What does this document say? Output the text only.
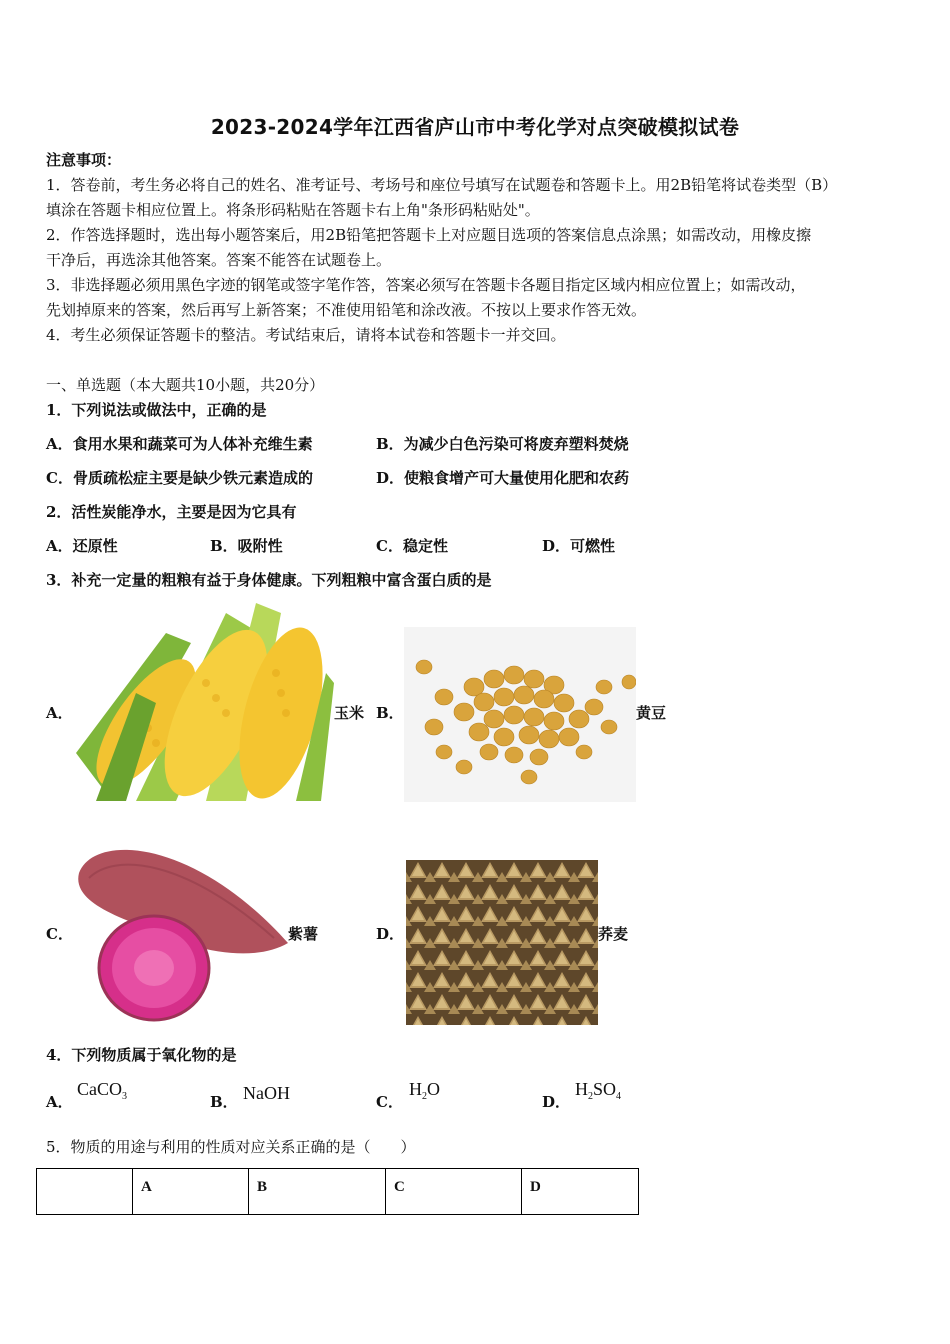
2023-2024学年江西省庐山市中考化学对点突破模拟试卷
注意事项：
1．答卷前，考生务必将自己的姓名、准考证号、考场号和座位号填写在试题卷和答题卡上。用2B铅笔将试卷类型（B）
填涂在答题卡相应位置上。将条形码粘贴在答题卡右上角"条形码粘贴处"。
2．作答选择题时，选出每小题答案后，用2B铅笔把答题卡上对应题目选项的答案信息点涂黑；如需改动，用橡皮擦
干净后，再选涂其他答案。答案不能答在试题卷上。
3．非选择题必须用黑色字迹的钢笔或签字笔作答，答案必须写在答题卡各题目指定区域内相应位置上；如需改动，
先划掉原来的答案，然后再写上新答案；不准使用铅笔和涂改液。不按以上要求作答无效。
4．考生必须保证答题卡的整洁。考试结束后，请将本试卷和答题卡一并交回。
一、单选题（本大题共10小题，共20分）
1．下列说法或做法中，正确的是
A．食用水果和蔬菜可为人体补充维生素	B．为减少白色污染可将废弃塑料焚烧
C．骨质疏松症主要是缺少铁元素造成的	D．使粮食增产可大量使用化肥和农药
2．活性炭能净水，主要是因为它具有
A．还原性	B．吸附性	C．稳定性	D．可燃性
3．补充一定量的粗粮有益于身体健康。下列粗粮中富含蛋白质的是
A．	玉米 B．	黄豆
C．	紫薯	D．	荞麦
4．下列物质属于氧化物的是
A．
CaCO$_3$	B． NaOH	C．
$H_2O$
D．
$H_2SO_4$
5．物质的用途与利用的性质对应关系正确的是（　　）
	A	B	C	D
